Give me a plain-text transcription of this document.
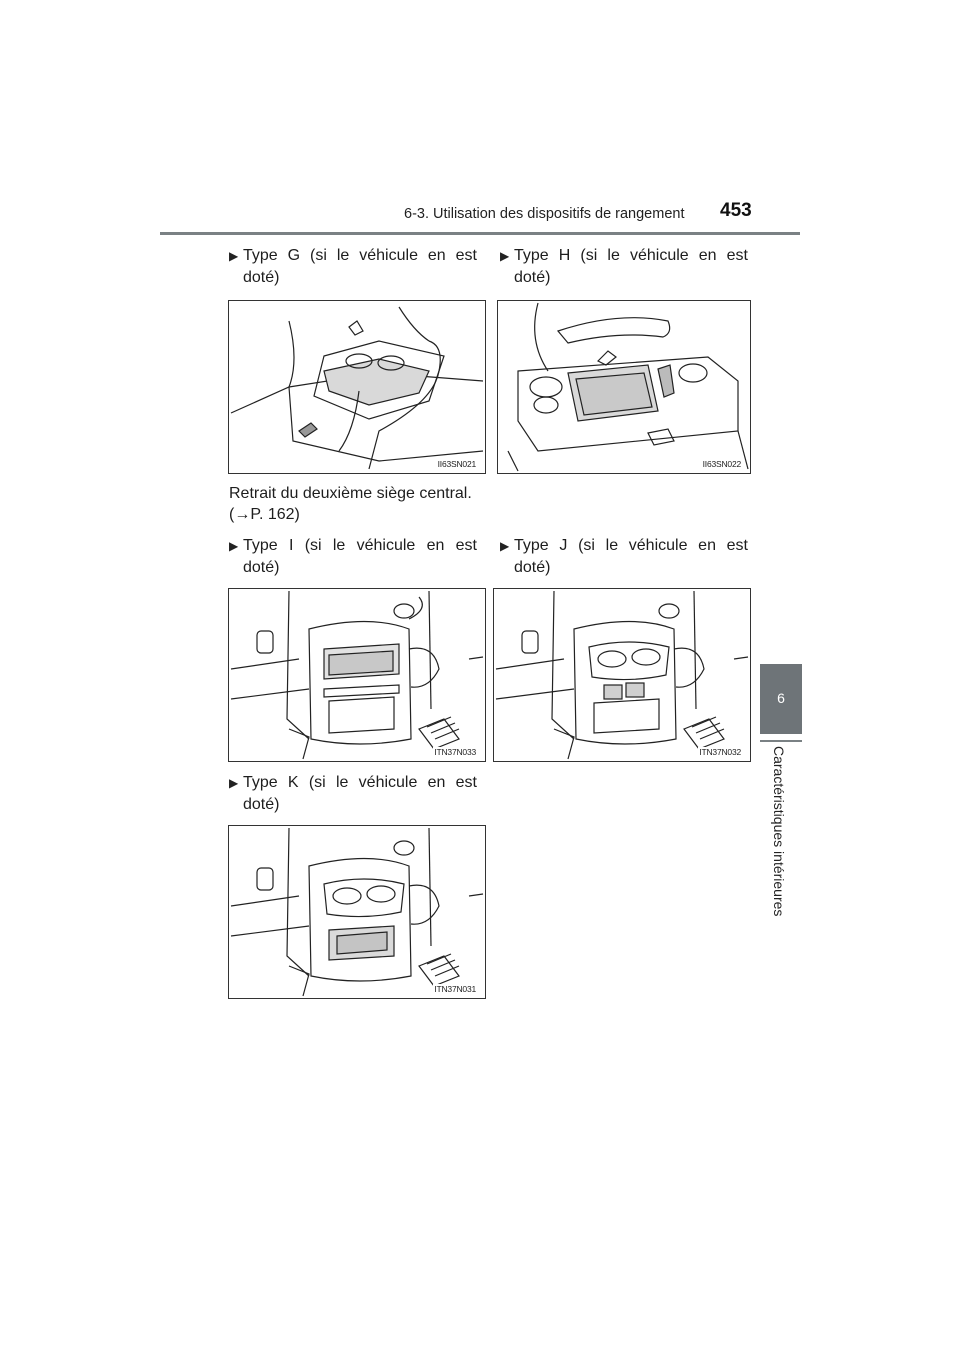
6-3. Utilisation des dispositifs de rangement 453
6
Caractéristiques intérieures
▶ Type G (si le véhicule en est
doté)
▶ Type H (si le véhicule en est
doté)
II63SN021	II63SN022
Retrait du deuxième siège central.
(→P. 162)
▶ Type I (si le véhicule en est
doté)
▶ Type J (si le véhicule en est
doté)
ITN37N033	ITN37N032
▶ Type K (si le véhicule en est
doté)
ITN37N031
